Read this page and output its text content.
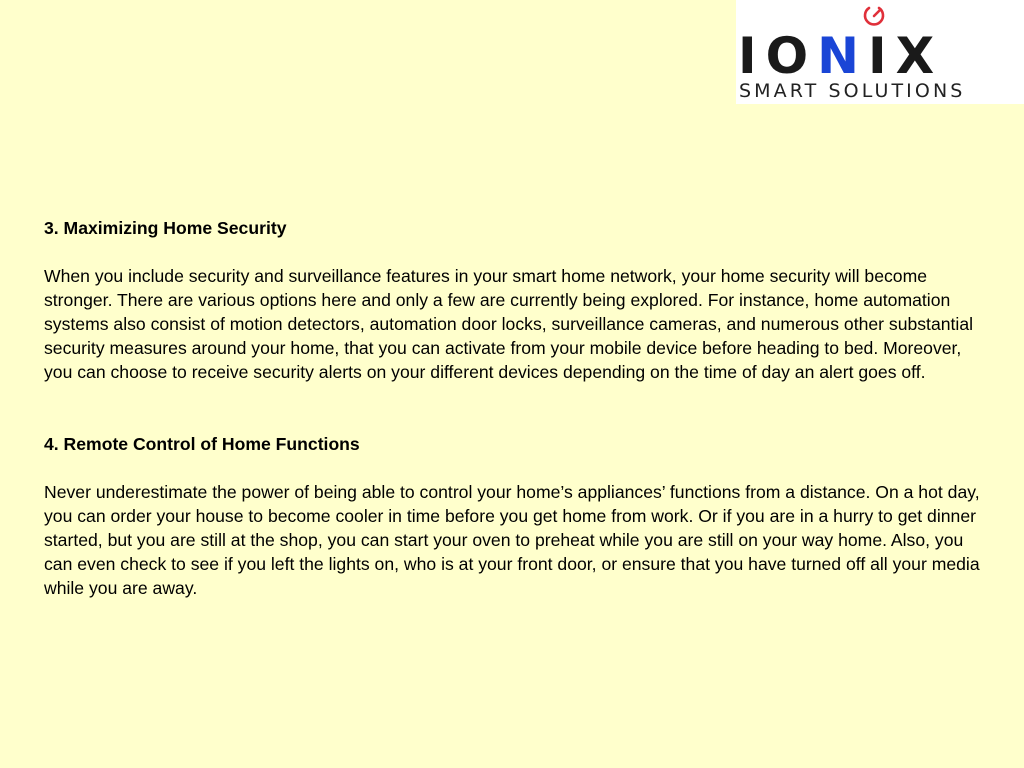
IONIX
SMART SOLUTIONS
3. Maximizing Home Security

When you include security and surveillance features in your smart home network, your home security will become stronger. There are various options here and only a few are currently being explored. For instance, home automation systems also consist of motion detectors, automation door locks, surveillance cameras, and numerous other substantial security measures around your home, that you can activate from your mobile device before heading to bed. Moreover, you can choose to receive security alerts on your different devices depending on the time of day an alert goes off.

4. Remote Control of Home Functions

Never underestimate the power of being able to control your home’s appliances’ functions from a distance. On a hot day, you can order your house to become cooler in time before you get home from work. Or if you are in a hurry to get dinner started, but you are still at the shop, you can start your oven to preheat while you are still on your way home. Also, you can even check to see if you left the lights on, who is at your front door, or ensure that you have turned off all your media while you are away.
